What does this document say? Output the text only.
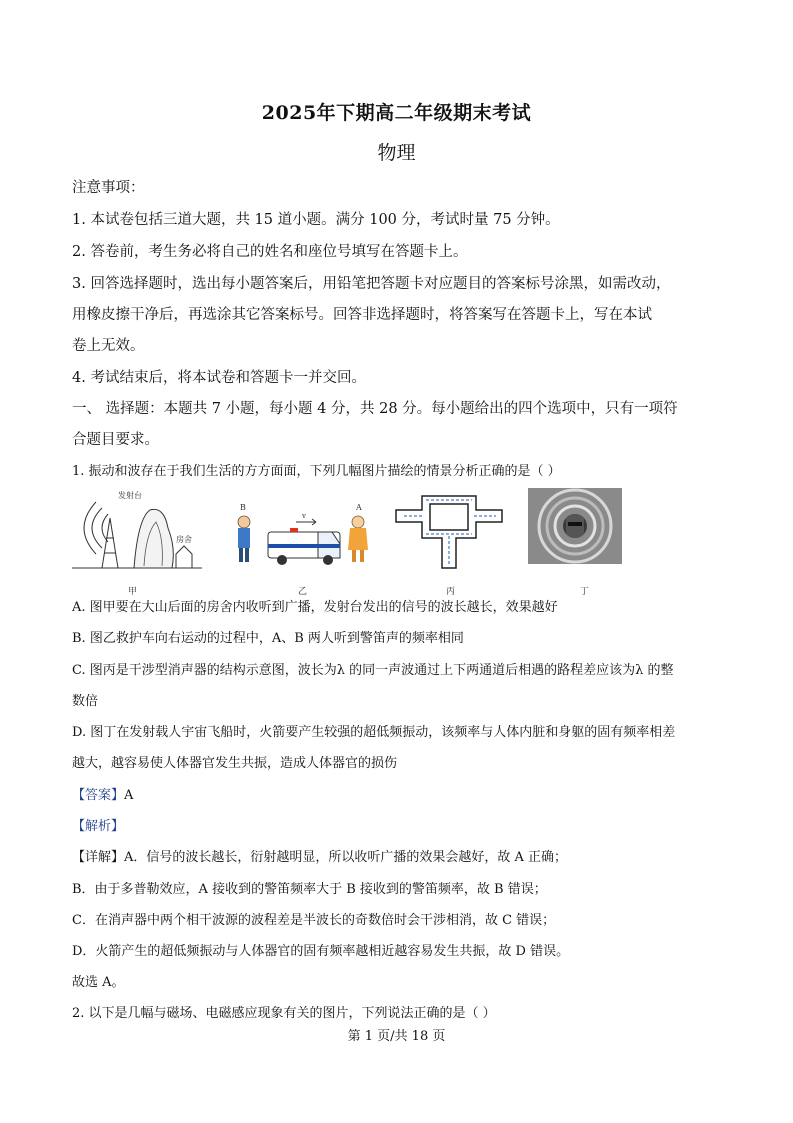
2025年下期高二年级期末考试
物理
注意事项：
1. 本试卷包括三道大题，共 15 道小题。满分 100 分，考试时量 75 分钟。
2. 答卷前，考生务必将自己的姓名和座位号填写在答题卡上。
3. 回答选择题时，选出每小题答案后，用铅笔把答题卡对应题目的答案标号涂黑，如需改动，
用橡皮擦干净后，再选涂其它答案标号。回答非选择题时，将答案写在答题卡上，写在本试
卷上无效。
4. 考试结束后，将本试卷和答题卡一并交回。
一、 选择题：本题共 7 小题，每小题 4 分，共 28 分。每小题给出的四个选项中，只有一项符
合题目要求。
1. 振动和波存在于我们生活的方方面面，下列几幅图片描绘的情景分析正确的是（ ）
发射台
房舍
B
v
A
甲	乙	丙	丁
A. 图甲要在大山后面的房舍内收听到广播，发射台发出的信号的波长越长，效果越好
B. 图乙救护车向右运动的过程中，A、B 两人听到警笛声的频率相同
C. 图丙是干涉型消声器的结构示意图，波长为λ 的同一声波通过上下两通道后相遇的路程差应该为λ 的整
数倍
D. 图丁在发射载人宇宙飞船时，火箭要产生较强的超低频振动，该频率与人体内脏和身躯的固有频率相差
越大，越容易使人体器官发生共振，造成人体器官的损伤
【答案】A
【解析】
【详解】A．信号的波长越长，衍射越明显，所以收听广播的效果会越好，故 A 正确；
B．由于多普勒效应，A 接收到的警笛频率大于 B 接收到的警笛频率，故 B 错误；
C．在消声器中两个相干波源的波程差是半波长的奇数倍时会干涉相消，故 C 错误；
D．火箭产生的超低频振动与人体器官的固有频率越相近越容易发生共振，故 D 错误。
故选 A。
2. 以下是几幅与磁场、电磁感应现象有关的图片，下列说法正确的是（ ）
第 1 页/共 18 页
